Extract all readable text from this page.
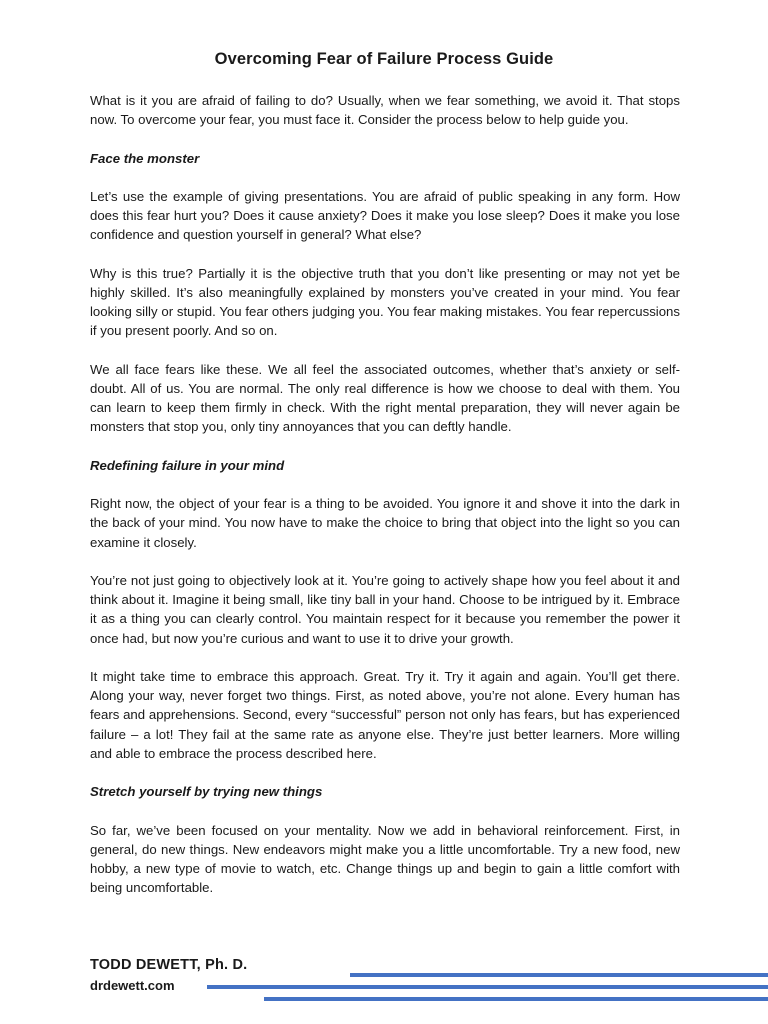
Overcoming Fear of Failure Process Guide

What is it you are afraid of failing to do? Usually, when we fear something, we avoid it. That stops now. To overcome your fear, you must face it. Consider the process below to help guide you.

Face the monster

Let’s use the example of giving presentations. You are afraid of public speaking in any form. How does this fear hurt you? Does it cause anxiety? Does it make you lose sleep? Does it make you lose confidence and question yourself in general? What else?

Why is this true? Partially it is the objective truth that you don’t like presenting or may not yet be highly skilled. It’s also meaningfully explained by monsters you’ve created in your mind. You fear looking silly or stupid. You fear others judging you. You fear making mistakes. You fear repercussions if you present poorly. And so on.

We all face fears like these. We all feel the associated outcomes, whether that’s anxiety or self-doubt. All of us. You are normal. The only real difference is how we choose to deal with them. You can learn to keep them firmly in check. With the right mental preparation, they will never again be monsters that stop you, only tiny annoyances that you can deftly handle.

Redefining failure in your mind

Right now, the object of your fear is a thing to be avoided. You ignore it and shove it into the dark in the back of your mind. You now have to make the choice to bring that object into the light so you can examine it closely.

You’re not just going to objectively look at it. You’re going to actively shape how you feel about it and think about it. Imagine it being small, like tiny ball in your hand. Choose to be intrigued by it. Embrace it as a thing you can clearly control. You maintain respect for it because you remember the power it once had, but now you’re curious and want to use it to drive your growth.

It might take time to embrace this approach. Great. Try it. Try it again and again. You’ll get there. Along your way, never forget two things. First, as noted above, you’re not alone. Every human has fears and apprehensions. Second, every “successful” person not only has fears, but has experienced failure – a lot! They fail at the same rate as anyone else. They’re just better learners. More willing and able to embrace the process described here.

Stretch yourself by trying new things

So far, we’ve been focused on your mentality. Now we add in behavioral reinforcement. First, in general, do new things. New endeavors might make you a little uncomfortable. Try a new food, new hobby, a new type of movie to watch, etc. Change things up and begin to gain a little comfort with being uncomfortable.

TODD DEWETT, Ph. D.
drdewett.com
